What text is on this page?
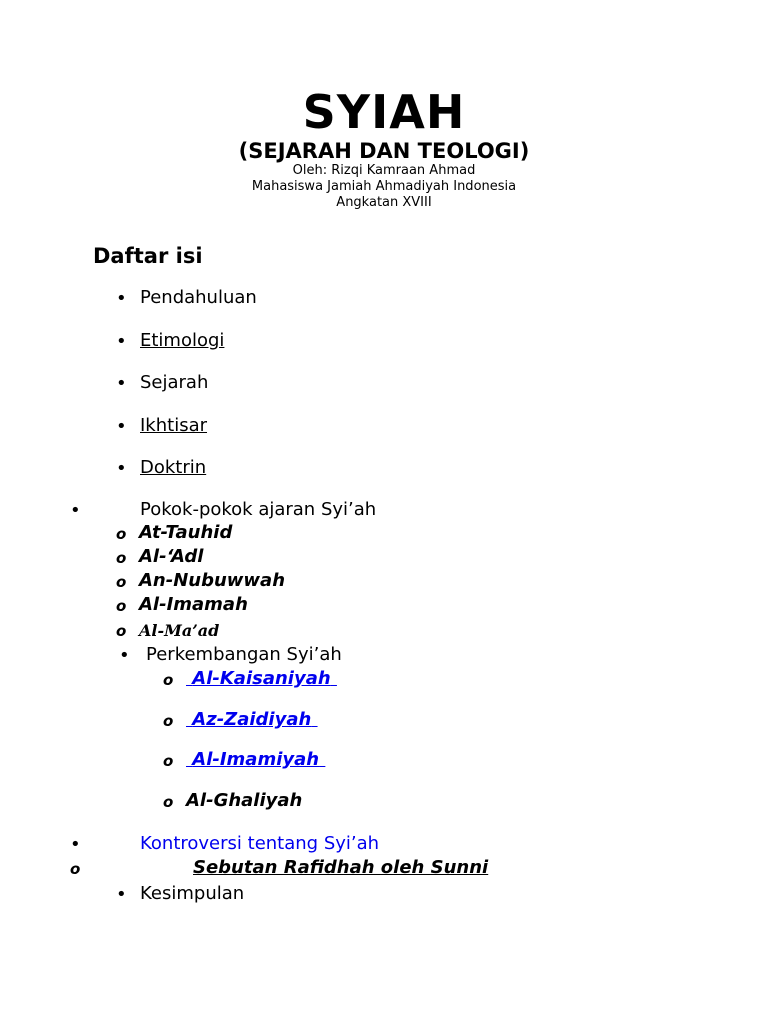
SYIAH
(SEJARAH DAN TEOLOGI)
Oleh: Rizqi Kamraan Ahmad
Mahasiswa Jamiah Ahmadiyah Indonesia
Angkatan XVIII
Daftar isi
• Pendahuluan
• Etimologi
• Sejarah
• Ikhtisar
• Doktrin
•	Pokok-pokok ajaran Syi’ah
o At-Tauhid
o Al-‘Adl
o An-Nubuwwah
o Al-Imamah
o Al-Ma’ad
• Perkembangan Syi’ah
o	Al-Kaisaniyah
o	Az-Zaidiyah
o	Al-Imamiyah
o Al-Ghaliyah
•	Kontroversi tentang Syi’ah
o	Sebutan Rafidhah oleh Sunni
• Kesimpulan
